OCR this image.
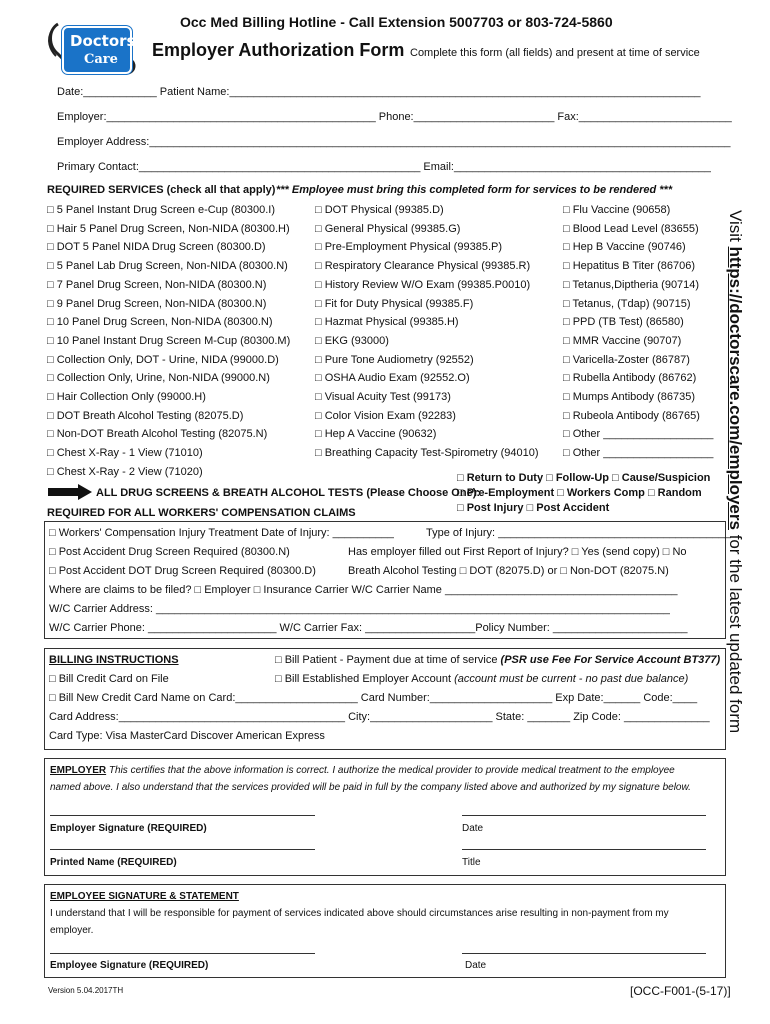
Doctors
Care
Occ Med Billing Hotline - Call Extension 5007703 or 803-724-5860
Employer Authorization Form Complete this form (all fields) and present at time of service
Date:____________ Patient Name:_____________________________________________________________________________
Employer:____________________________________________ Phone:_______________________ Fax:_________________________
Employer Address:_______________________________________________________________________________________________
Primary Contact:______________________________________________ Email:__________________________________________
REQUIRED SERVICES (check all that apply) *** Employee must bring this completed form for services to be rendered ***
□ 5 Panel Instant Drug Screen e-Cup (80300.I)
□ Hair 5 Panel Drug Screen, Non-NIDA (80300.H)
□ DOT 5 Panel NIDA Drug Screen (80300.D)
□ 5 Panel Lab Drug Screen, Non-NIDA (80300.N)
□ 7 Panel Drug Screen, Non-NIDA (80300.N)
□ 9 Panel Drug Screen, Non-NIDA (80300.N)
□ 10 Panel Drug Screen, Non-NIDA (80300.N)
□ 10 Panel Instant Drug Screen M-Cup (80300.M)
□ Collection Only, DOT - Urine, NIDA (99000.D)
□ Collection Only, Urine, Non-NIDA (99000.N)
□ Hair Collection Only (99000.H)
□ DOT Breath Alcohol Testing (82075.D)
□ Non-DOT Breath Alcohol Testing (82075.N)
□ Chest X-Ray - 1 View (71010)
□ Chest X-Ray - 2 View (71020)
□ DOT Physical (99385.D)
□ General Physical (99385.G)
□ Pre-Employment Physical (99385.P)
□ Respiratory Clearance Physical (99385.R)
□ History Review W/O Exam (99385.P0010)
□ Fit for Duty Physical (99385.F)
□ Hazmat Physical (99385.H)
□ EKG (93000)
□ Pure Tone Audiometry (92552)
□ OSHA Audio Exam (92552.O)
□ Visual Acuity Test (99173)
□ Color Vision Exam (92283)
□ Hep A Vaccine (90632)
□ Breathing Capacity Test-Spirometry (94010)
□ Flu Vaccine (90658)
□ Blood Lead Level (83655)
□ Hep B Vaccine (90746)
□ Hepatitus B Titer (86706)
□ Tetanus,Diptheria (90714)
□ Tetanus, (Tdap) (90715)
□ PPD (TB Test) (86580)
□ MMR Vaccine (90707)
□ Varicella-Zoster (86787)
□ Rubella Antibody (86762)
□ Mumps Antibody (86735)
□ Rubeola Antibody (86765)
□ Other __________________
□ Other __________________
□ Return to Duty □ Follow-Up □ Cause/Suspicion
□ Pre-Employment □ Workers Comp □ Random
□ Post Injury □ Post Accident
ALL DRUG SCREENS & BREATH ALCOHOL TESTS (Please Choose One):
REQUIRED FOR ALL WORKERS' COMPENSATION CLAIMS
□ Workers' Compensation Injury Treatment Date of Injury: __________	Type of Injury: ______________________________________
□ Post Accident Drug Screen Required (80300.N)	Has employer filled out First Report of Injury? □ Yes (send copy) □ No
□ Post Accident DOT Drug Screen Required (80300.D)	Breath Alcohol Testing □ DOT (82075.D) or □ Non-DOT (82075.N)
Where are claims to be filed? □ Employer □ Insurance Carrier W/C Carrier Name ______________________________________
W/C Carrier Address: ____________________________________________________________________________________
W/C Carrier Phone: _____________________ W/C Carrier Fax: __________________Policy Number: ______________________
BILLING INSTRUCTIONS	□ Bill Patient - Payment due at time of service (PSR use Fee For Service Account BT377)
□ Bill Credit Card on File	□ Bill Established Employer Account (account must be current - no past due balance)
□ Bill New Credit Card Name on Card:____________________ Card Number:____________________ Exp Date:______ Code:____
Card Address:_____________________________________ City:____________________ State: _______ Zip Code: ______________
Card Type: Visa MasterCard Discover American Express
EMPLOYER This certifies that the above information is correct. I authorize the medical provider to provide medical treatment to the employee
named above. I also understand that the services provided will be paid in full by the company listed above and authorized by my signature below.
Employer Signature (REQUIRED)	Date
Printed Name (REQUIRED)	Title
EMPLOYEE SIGNATURE & STATEMENT
I understand that I will be responsible for payment of services indicated above should circumstances arise resulting in non-payment from my
employer.
Employee Signature (REQUIRED)	Date
Version 5.04.2017TH	[OCC-F001-(5-17)]
Visit https://doctorscare.com/employers for the latest updated form
